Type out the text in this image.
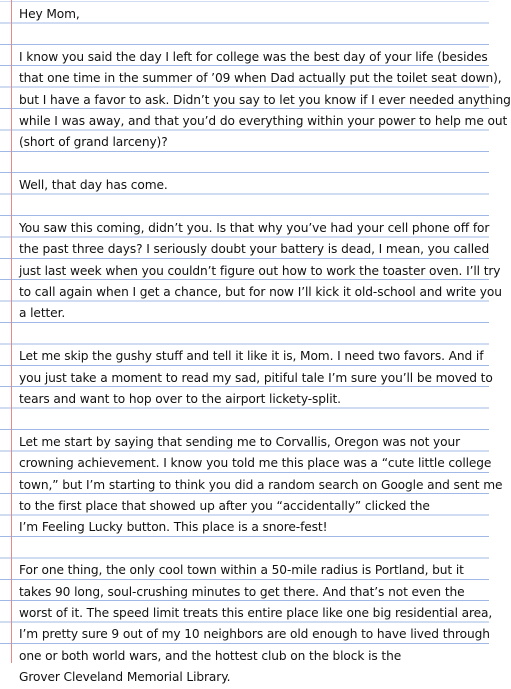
Hey Mom,
I know you said the day I left for college was the best day of your life (besides
that one time in the summer of ’09 when Dad actually put the toilet seat down),
but I have a favor to ask. Didn’t you say to let you know if I ever needed anything
while I was away, and that you’d do everything within your power to help me out
(short of grand larceny)?
Well, that day has come.
You saw this coming, didn’t you. Is that why you’ve had your cell phone off for
the past three days? I seriously doubt your battery is dead, I mean, you called
just last week when you couldn’t figure out how to work the toaster oven. I’ll try
to call again when I get a chance, but for now I’ll kick it old-school and write you
a letter.
Let me skip the gushy stuff and tell it like it is, Mom. I need two favors. And if
you just take a moment to read my sad, pitiful tale I’m sure you’ll be moved to
tears and want to hop over to the airport lickety-split.
Let me start by saying that sending me to Corvallis, Oregon was not your
crowning achievement. I know you told me this place was a “cute little college
town,” but I’m starting to think you did a random search on Google and sent me
to the first place that showed up after you “accidentally” clicked the
I’m Feeling Lucky button. This place is a snore-fest!
For one thing, the only cool town within a 50-mile radius is Portland, but it
takes 90 long, soul-crushing minutes to get there. And that’s not even the
worst of it. The speed limit treats this entire place like one big residential area,
I’m pretty sure 9 out of my 10 neighbors are old enough to have lived through
one or both world wars, and the hottest club on the block is the
Grover Cleveland Memorial Library.
